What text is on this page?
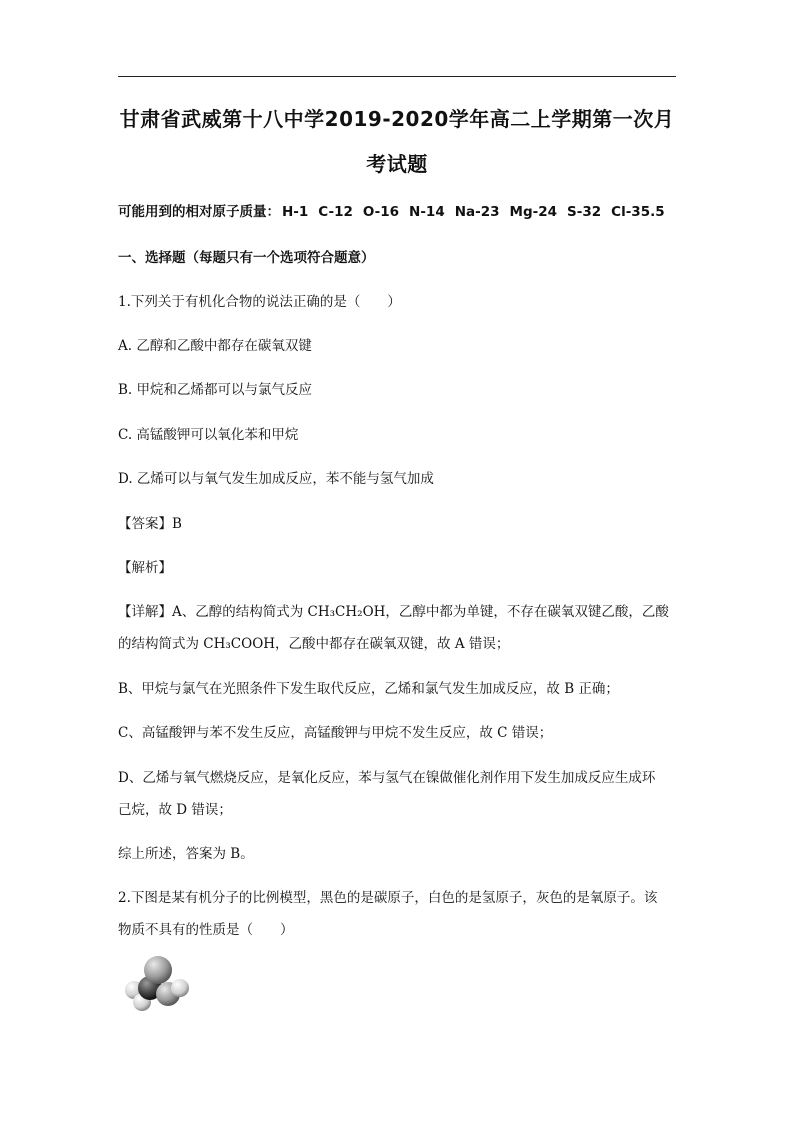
甘肃省武威第十八中学2019-2020学年高二上学期第一次月
考试题
可能用到的相对原子质量： H-1 C-12 O-16 N-14 Na-23 Mg-24 S-32 Cl-35.5
一、选择题（每题只有一个选项符合题意）
1.下列关于有机化合物的说法正确的是（　　）
A. 乙醇和乙酸中都存在碳氧双键
B. 甲烷和乙烯都可以与氯气反应
C. 高锰酸钾可以氧化苯和甲烷
D. 乙烯可以与氧气发生加成反应，苯不能与氢气加成
【答案】B
【解析】
【详解】A、乙醇的结构简式为 CH₃CH₂OH，乙醇中都为单键，不存在碳氧双键乙酸，乙酸
的结构简式为 CH₃COOH，乙酸中都存在碳氧双键，故 A 错误；
B、甲烷与氯气在光照条件下发生取代反应，乙烯和氯气发生加成反应，故 B 正确；
C、高锰酸钾与苯不发生反应，高锰酸钾与甲烷不发生反应，故 C 错误；
D、乙烯与氧气燃烧反应，是氧化反应，苯与氢气在镍做催化剂作用下发生加成反应生成环
己烷，故 D 错误；
综上所述，答案为 B。
2.下图是某有机分子的比例模型，黑色的是碳原子，白色的是氢原子，灰色的是氧原子。该
物质不具有的性质是（　　）
